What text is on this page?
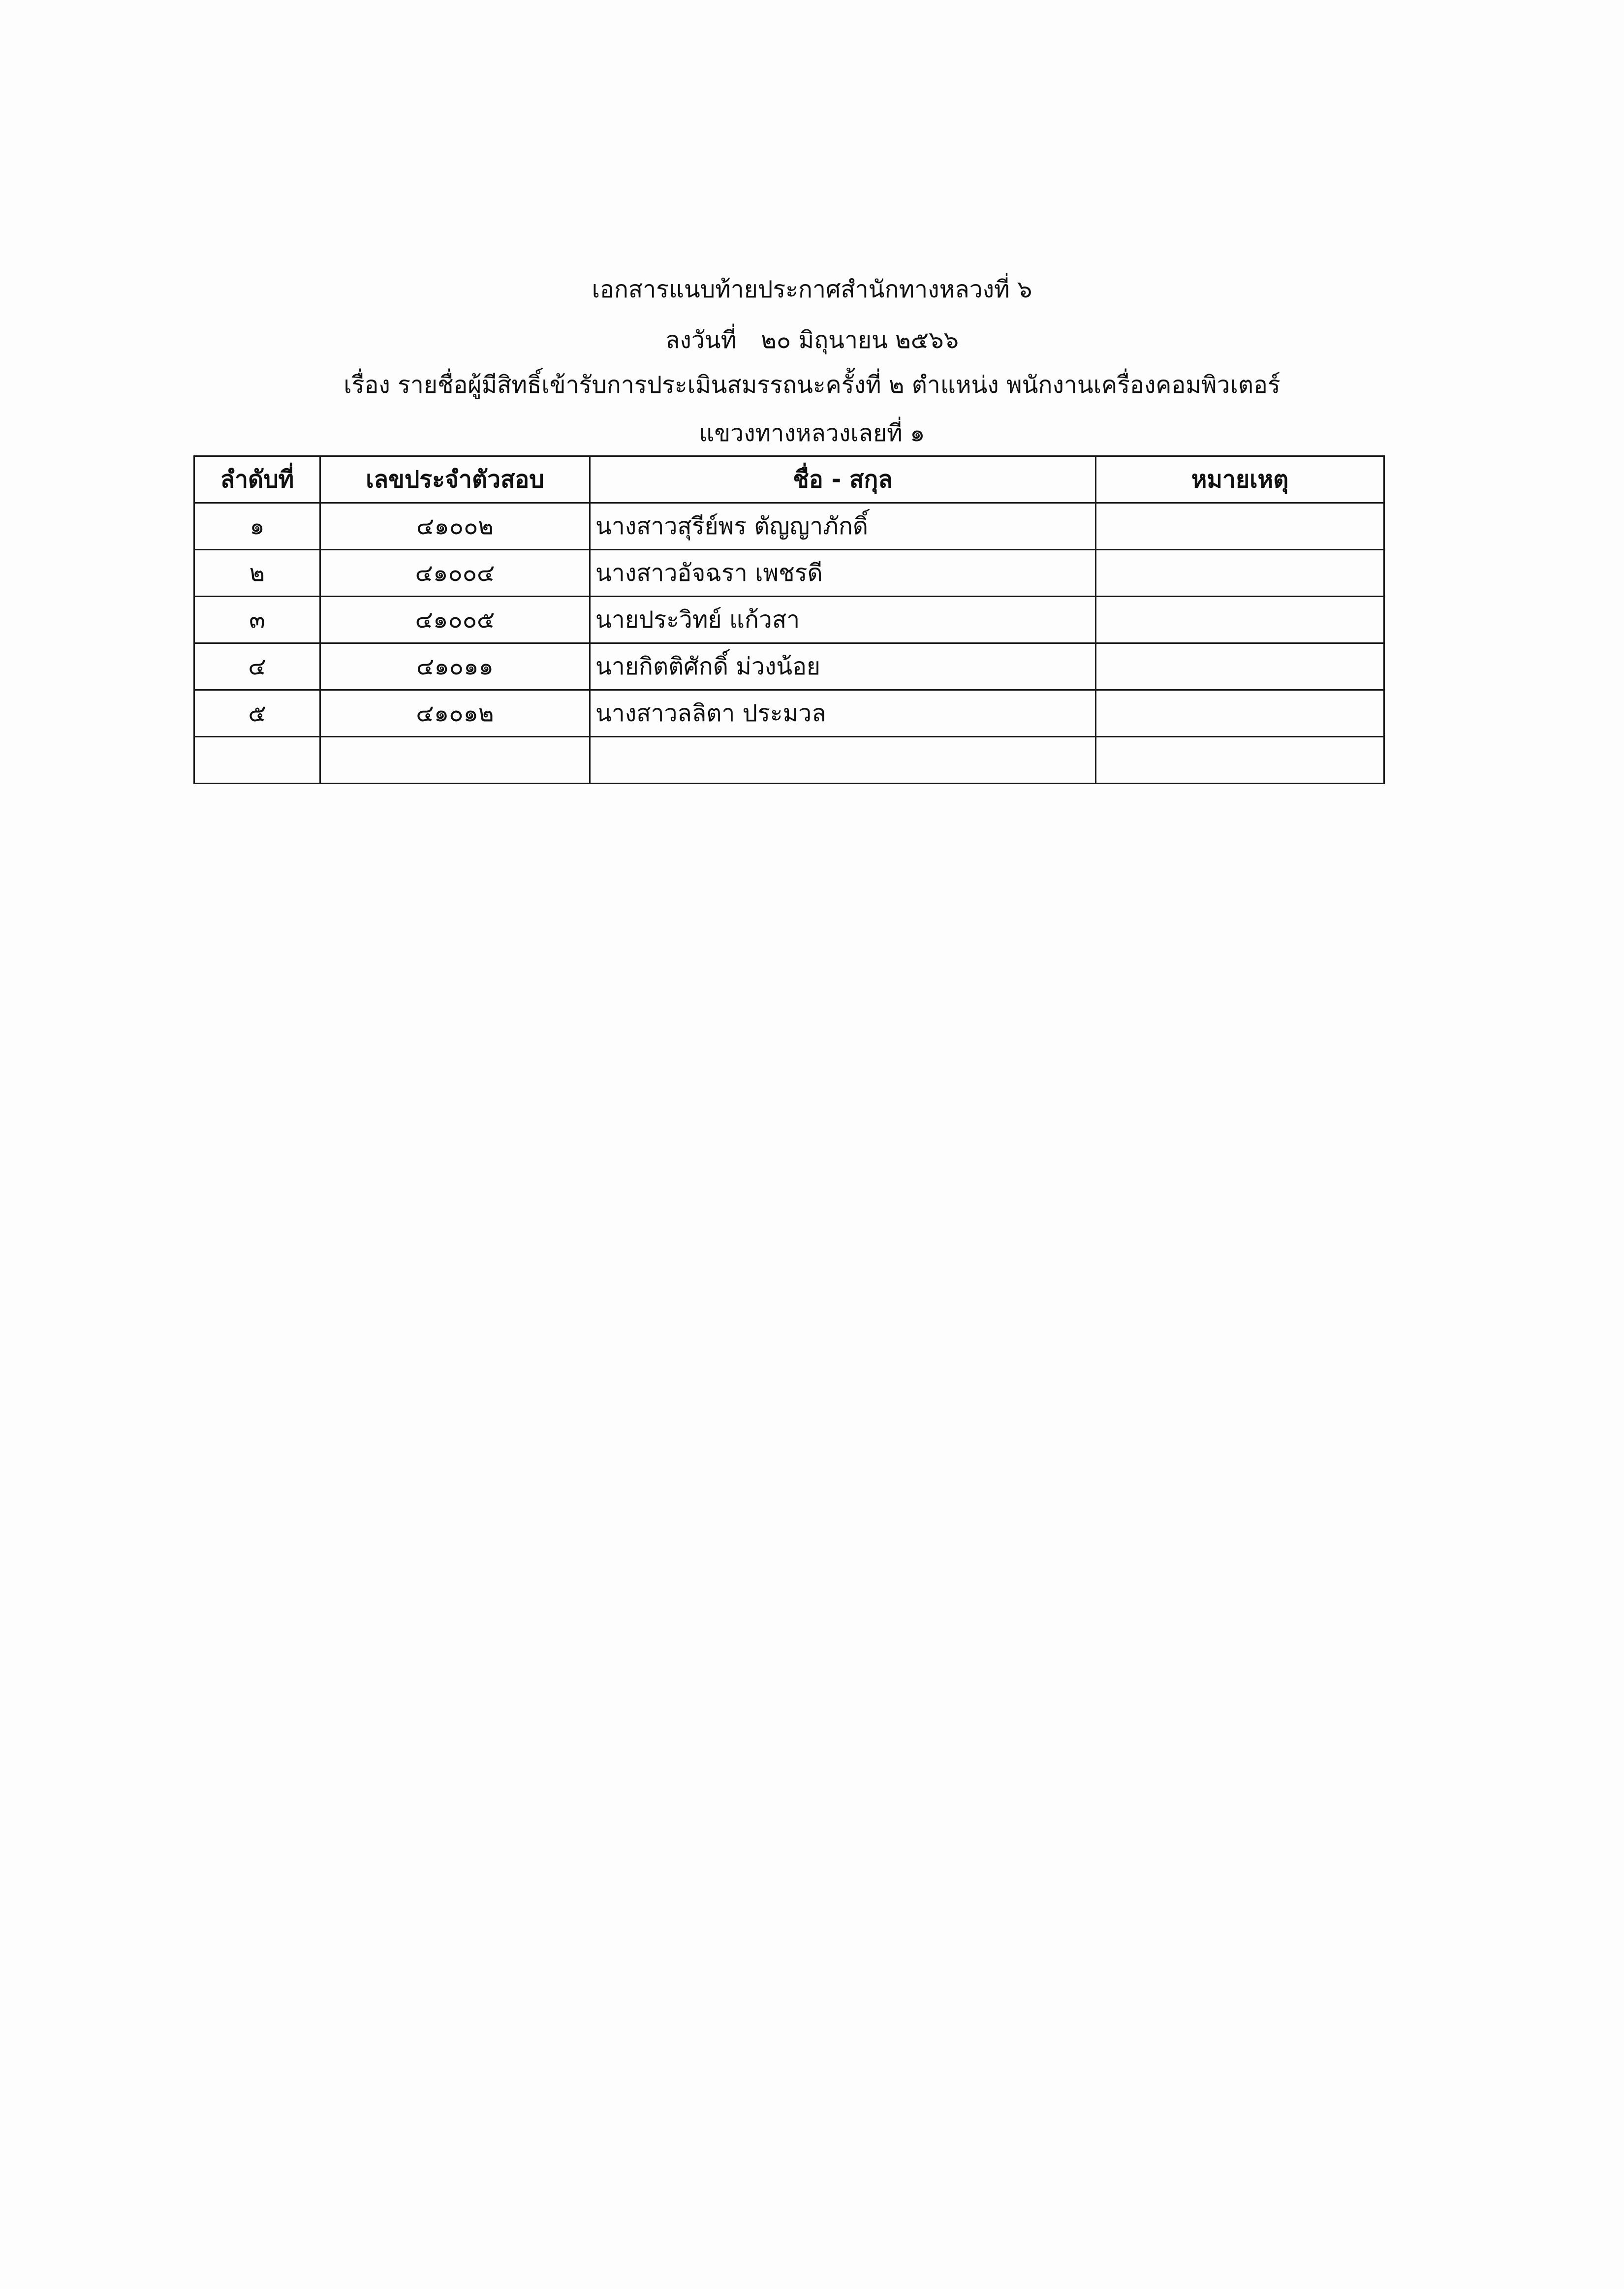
เอกสารแนบท้ายประกาศสำนักทางหลวงที่ ๖
ลงวันที่ ๒๐ มิถุนายน ๒๕๖๖
เรื่อง รายชื่อผู้มีสิทธิ์เข้ารับการประเมินสมรรถนะครั้งที่ ๒ ตำแหน่ง พนักงานเครื่องคอมพิวเตอร์
แขวงทางหลวงเลยที่ ๑
ลำดับที่	เลขประจำตัวสอบ	ชื่อ - สกุล	หมายเหตุ
๑	๔๑๐๐๒	นางสาวสุรีย์พร ตัญญาภักดิ์	
๒	๔๑๐๐๔	นางสาวอัจฉรา เพชรดี	
๓	๔๑๐๐๕	นายประวิทย์ แก้วสา	
๔	๔๑๐๑๑	นายกิตติศักดิ์ ม่วงน้อย	
๕	๔๑๐๑๒	นางสาวลลิตา ประมวล	
